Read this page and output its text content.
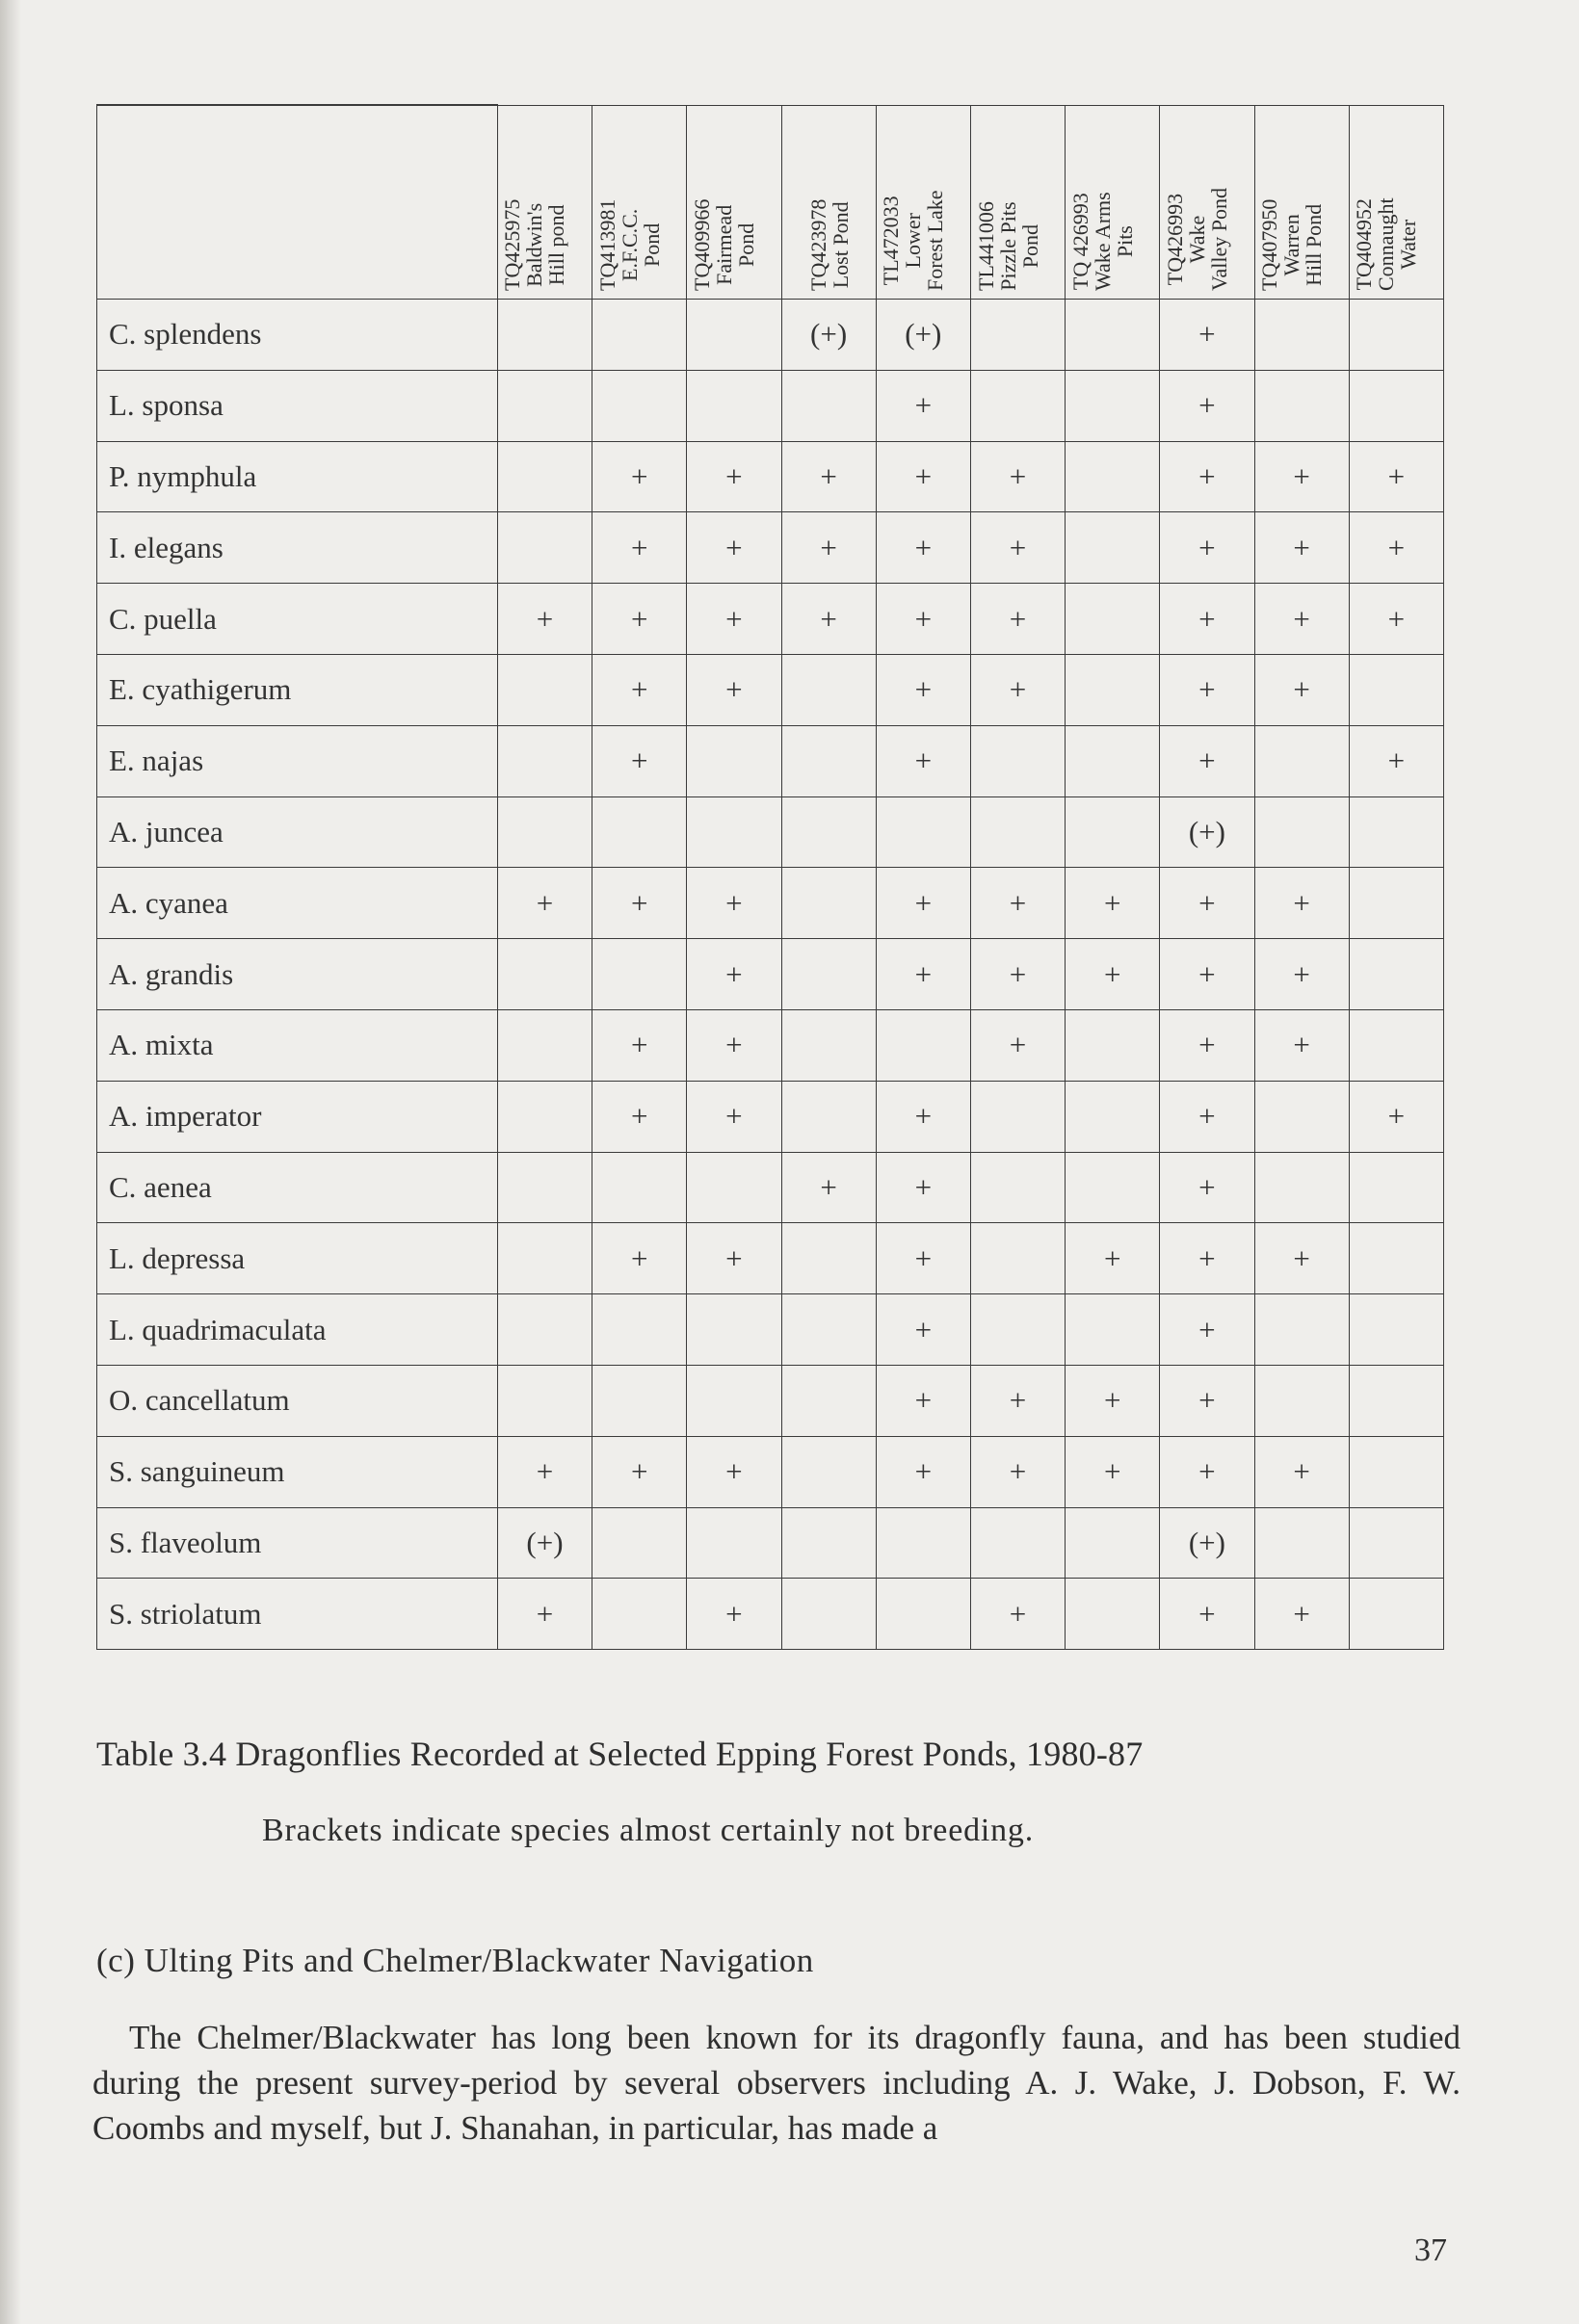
	TQ425975
Baldwin's
Hill pond	TQ413981
E.F.C.C.
Pond	TQ409966
Fairmead
Pond	TQ423978
Lost Pond	TL472033
Lower
Forest Lake	TL441006
Pizzle Pits
Pond	TQ 426993
Wake Arms
Pits	TQ426993
Wake
Valley Pond	TQ407950
Warren
Hill Pond	TQ404952
Connaught
Water

C. splendens				(+)	(+)			+		
L. sponsa					+			+		
P. nymphula		+	+	+	+	+		+	+	+
I. elegans		+	+	+	+	+		+	+	+
C. puella	+	+	+	+	+	+		+	+	+
E. cyathigerum		+	+		+	+		+	+	
E. najas		+			+			+		+
A. juncea								(+)		
A. cyanea	+	+	+		+	+	+	+	+	
A. grandis			+		+	+	+	+	+	
A. mixta		+	+			+		+	+	
A. imperator		+	+		+			+		+
C. aenea				+	+			+		
L. depressa		+	+		+		+	+	+	
L. quadrimaculata					+			+		
O. cancellatum					+	+	+	+		
S. sanguineum	+	+	+		+	+	+	+	+	
S. flaveolum	(+)							(+)		
S. striolatum	+		+			+		+	+	
Table 3.4 Dragonflies Recorded at Selected Epping Forest Ponds, 1980-87
Brackets indicate species almost certainly not breeding.
(c) Ulting Pits and Chelmer/Blackwater Navigation
The Chelmer/Blackwater has long been known for its dragonfly fauna, and has been studied during the present survey-period by several observers including A. J. Wake, J. Dobson, F. W. Coombs and myself, but J. Shanahan, in particular, has made a
37
